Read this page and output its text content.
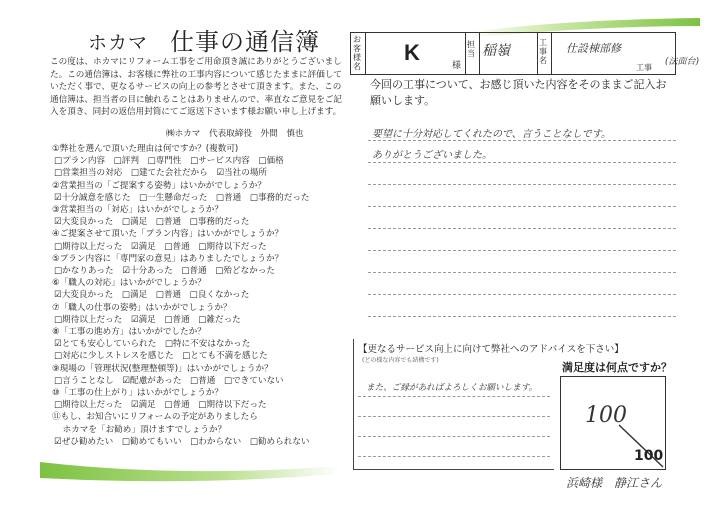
ホカマ 仕事の通信簿
この度は、ホカマにリフォーム工事をご用命頂き誠にありがとうございました。この通信簿は、お客様に弊社の工事内容について感じたままに評価していただく事で、更なるサービスの向上の参考とさせて頂きます。また、この通信簿は、担当者の目に触れることはありませんので、率直なご意見をご記入を頂き、同封の返信用封筒にてご返送下さいます様お願い申し上げます。
㈱ホカマ　代表取締役　外間　慎也
①弊社を選んで頂いた理由は何ですか？(複数可)
□プラン内容　□評判　□専門性　□サービス内容　□価格
□営業担当の対応　□建てた会社だから　☑当社の場所
②営業担当の「ご提案する姿勢」はいかがでしょうか？
☑十分誠意を感じた　□一生懸命だった　□普通　□事務的だった
③営業担当の「対応」はいかがでしょうか？
☑大変良かった　□満足　□普通　□事務的だった
④ご提案させて頂いた「プラン内容」はいかがでしょうか？
□期待以上だった　☑満足　□普通　□期待以下だった
⑤プラン内容に「専門家の意見」はありましたでしょうか？
□かなりあった　☑十分あった　□普通　□殆どなかった
⑥「職人の対応」はいかがでしょうか？
☑大変良かった　□満足　□普通　□良くなかった
⑦「職人の仕事の姿勢」はいかがでしょうか？
□期待以上だった　☑満足　□普通　□雑だった
⑧「工事の進め方」はいかがでしたか？
☑とても安心していられた　□特に不安はなかった
□対応に少しストレスを感じた　□とても不満を感じた
⑨現場の「管理状況(整理整頓等)」はいかがでしょうか？
□言うことなし　☑配慮があった　□普通　□できていない
⑩「工事の仕上がり」はいかがでしょうか？
□期待以上だった　☑満足　□普通　□期待以下だった
⑪もし、お知合いにリフォームの予定がありましたら
　ホカマを「お勧め」頂けますでしょうか？
☑ぜひ勧めたい　□勧めてもいい　□わからない　□勧められない
お客様名
K
様
担当 稲嶺
工事名
仕設棟部修
工事
(法面台)
今回の工事について、お感じ頂いた内容をそのままご記入お願いします。
要望に十分対応してくれたので、言うことなしです。
ありがとうございました。
【更なるサービス向上に向けて弊社へのアドバイスを下さい】
(どの様な内容でも結構です)
また、ご縁があればよろしくお願いします。
満足度は何点ですか？
100
100
浜崎様　静江さん
